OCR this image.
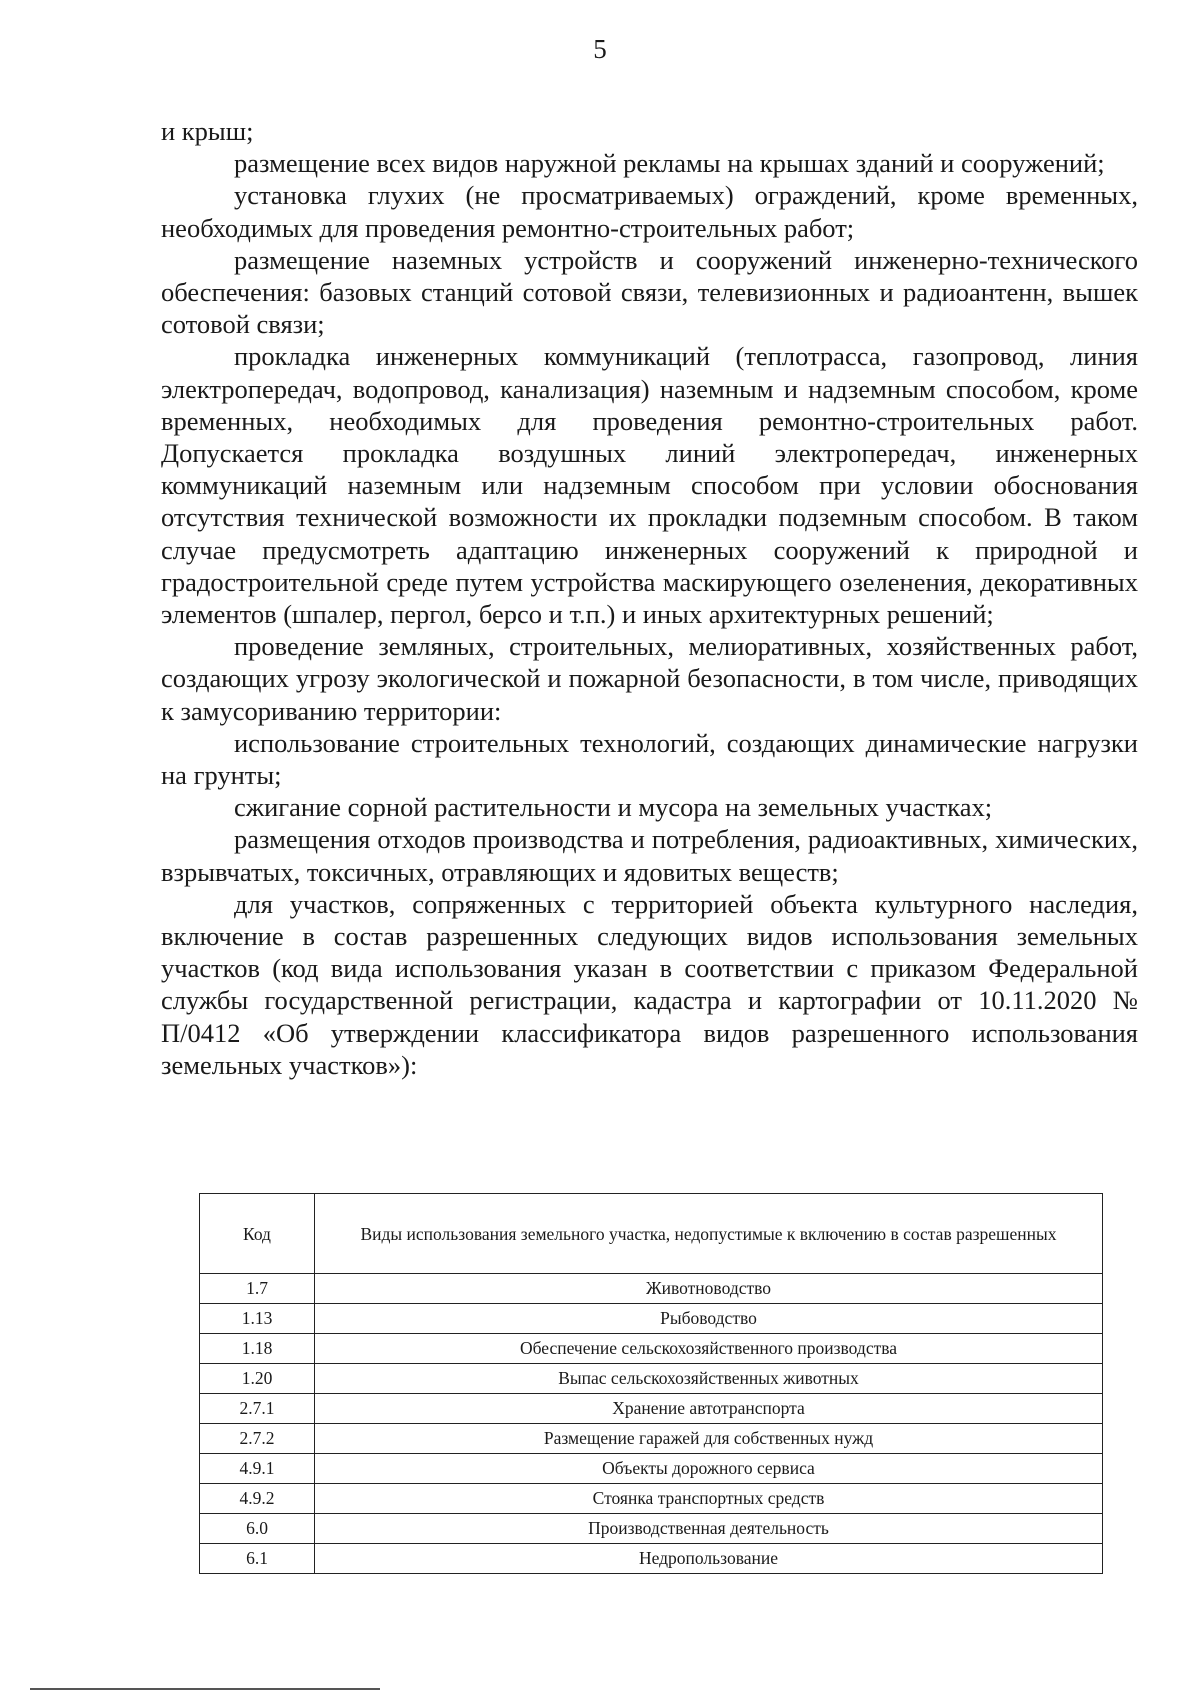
5

и крыш;

размещение всех видов наружной рекламы на крышах зданий и сооружений;

установка глухих (не просматриваемых) ограждений, кроме временных, необходимых для проведения ремонтно-строительных работ;

размещение наземных устройств и сооружений инженерно-технического обеспечения: базовых станций сотовой связи, телевизионных и радиоантенн, вышек сотовой связи;

прокладка инженерных коммуникаций (теплотрасса, газопровод, линия электропередач, водопровод, канализация) наземным и надземным способом, кроме временных, необходимых для проведения ремонтно-строительных работ. Допускается прокладка воздушных линий электропередач, инженерных коммуникаций наземным или надземным способом при условии обоснования отсутствия технической возможности их прокладки подземным способом. В таком случае предусмотреть адаптацию инженерных сооружений к природной и градостроительной среде путем устройства маскирующего озеленения, декоративных элементов (шпалер, пергол, берсо и т.п.) и иных архитектурных решений;

проведение земляных, строительных, мелиоративных, хозяйственных работ, создающих угрозу экологической и пожарной безопасности, в том числе, приводящих к замусориванию территории:

использование строительных технологий, создающих динамические нагрузки на грунты;

сжигание сорной растительности и мусора на земельных участках;

размещения отходов производства и потребления, радиоактивных, химических, взрывчатых, токсичных, отравляющих и ядовитых веществ;

для участков, сопряженных с территорией объекта культурного наследия, включение в состав разрешенных следующих видов использования земельных участков (код вида использования указан в соответствии с приказом Федеральной службы государственной регистрации, кадастра и картографии от 10.11.2020 № П/0412 «Об утверждении классификатора видов разрешенного использования земельных участков»):

Код	Виды использования земельного участка, недопустимые к включению в состав разрешенных
1.7	Животноводство
1.13	Рыбоводство
1.18	Обеспечение сельскохозяйственного производства
1.20	Выпас сельскохозяйственных животных
2.7.1	Хранение автотранспорта
2.7.2	Размещение гаражей для собственных нужд
4.9.1	Объекты дорожного сервиса
4.9.2	Стоянка транспортных средств
6.0	Производственная деятельность
6.1	Недропользование
